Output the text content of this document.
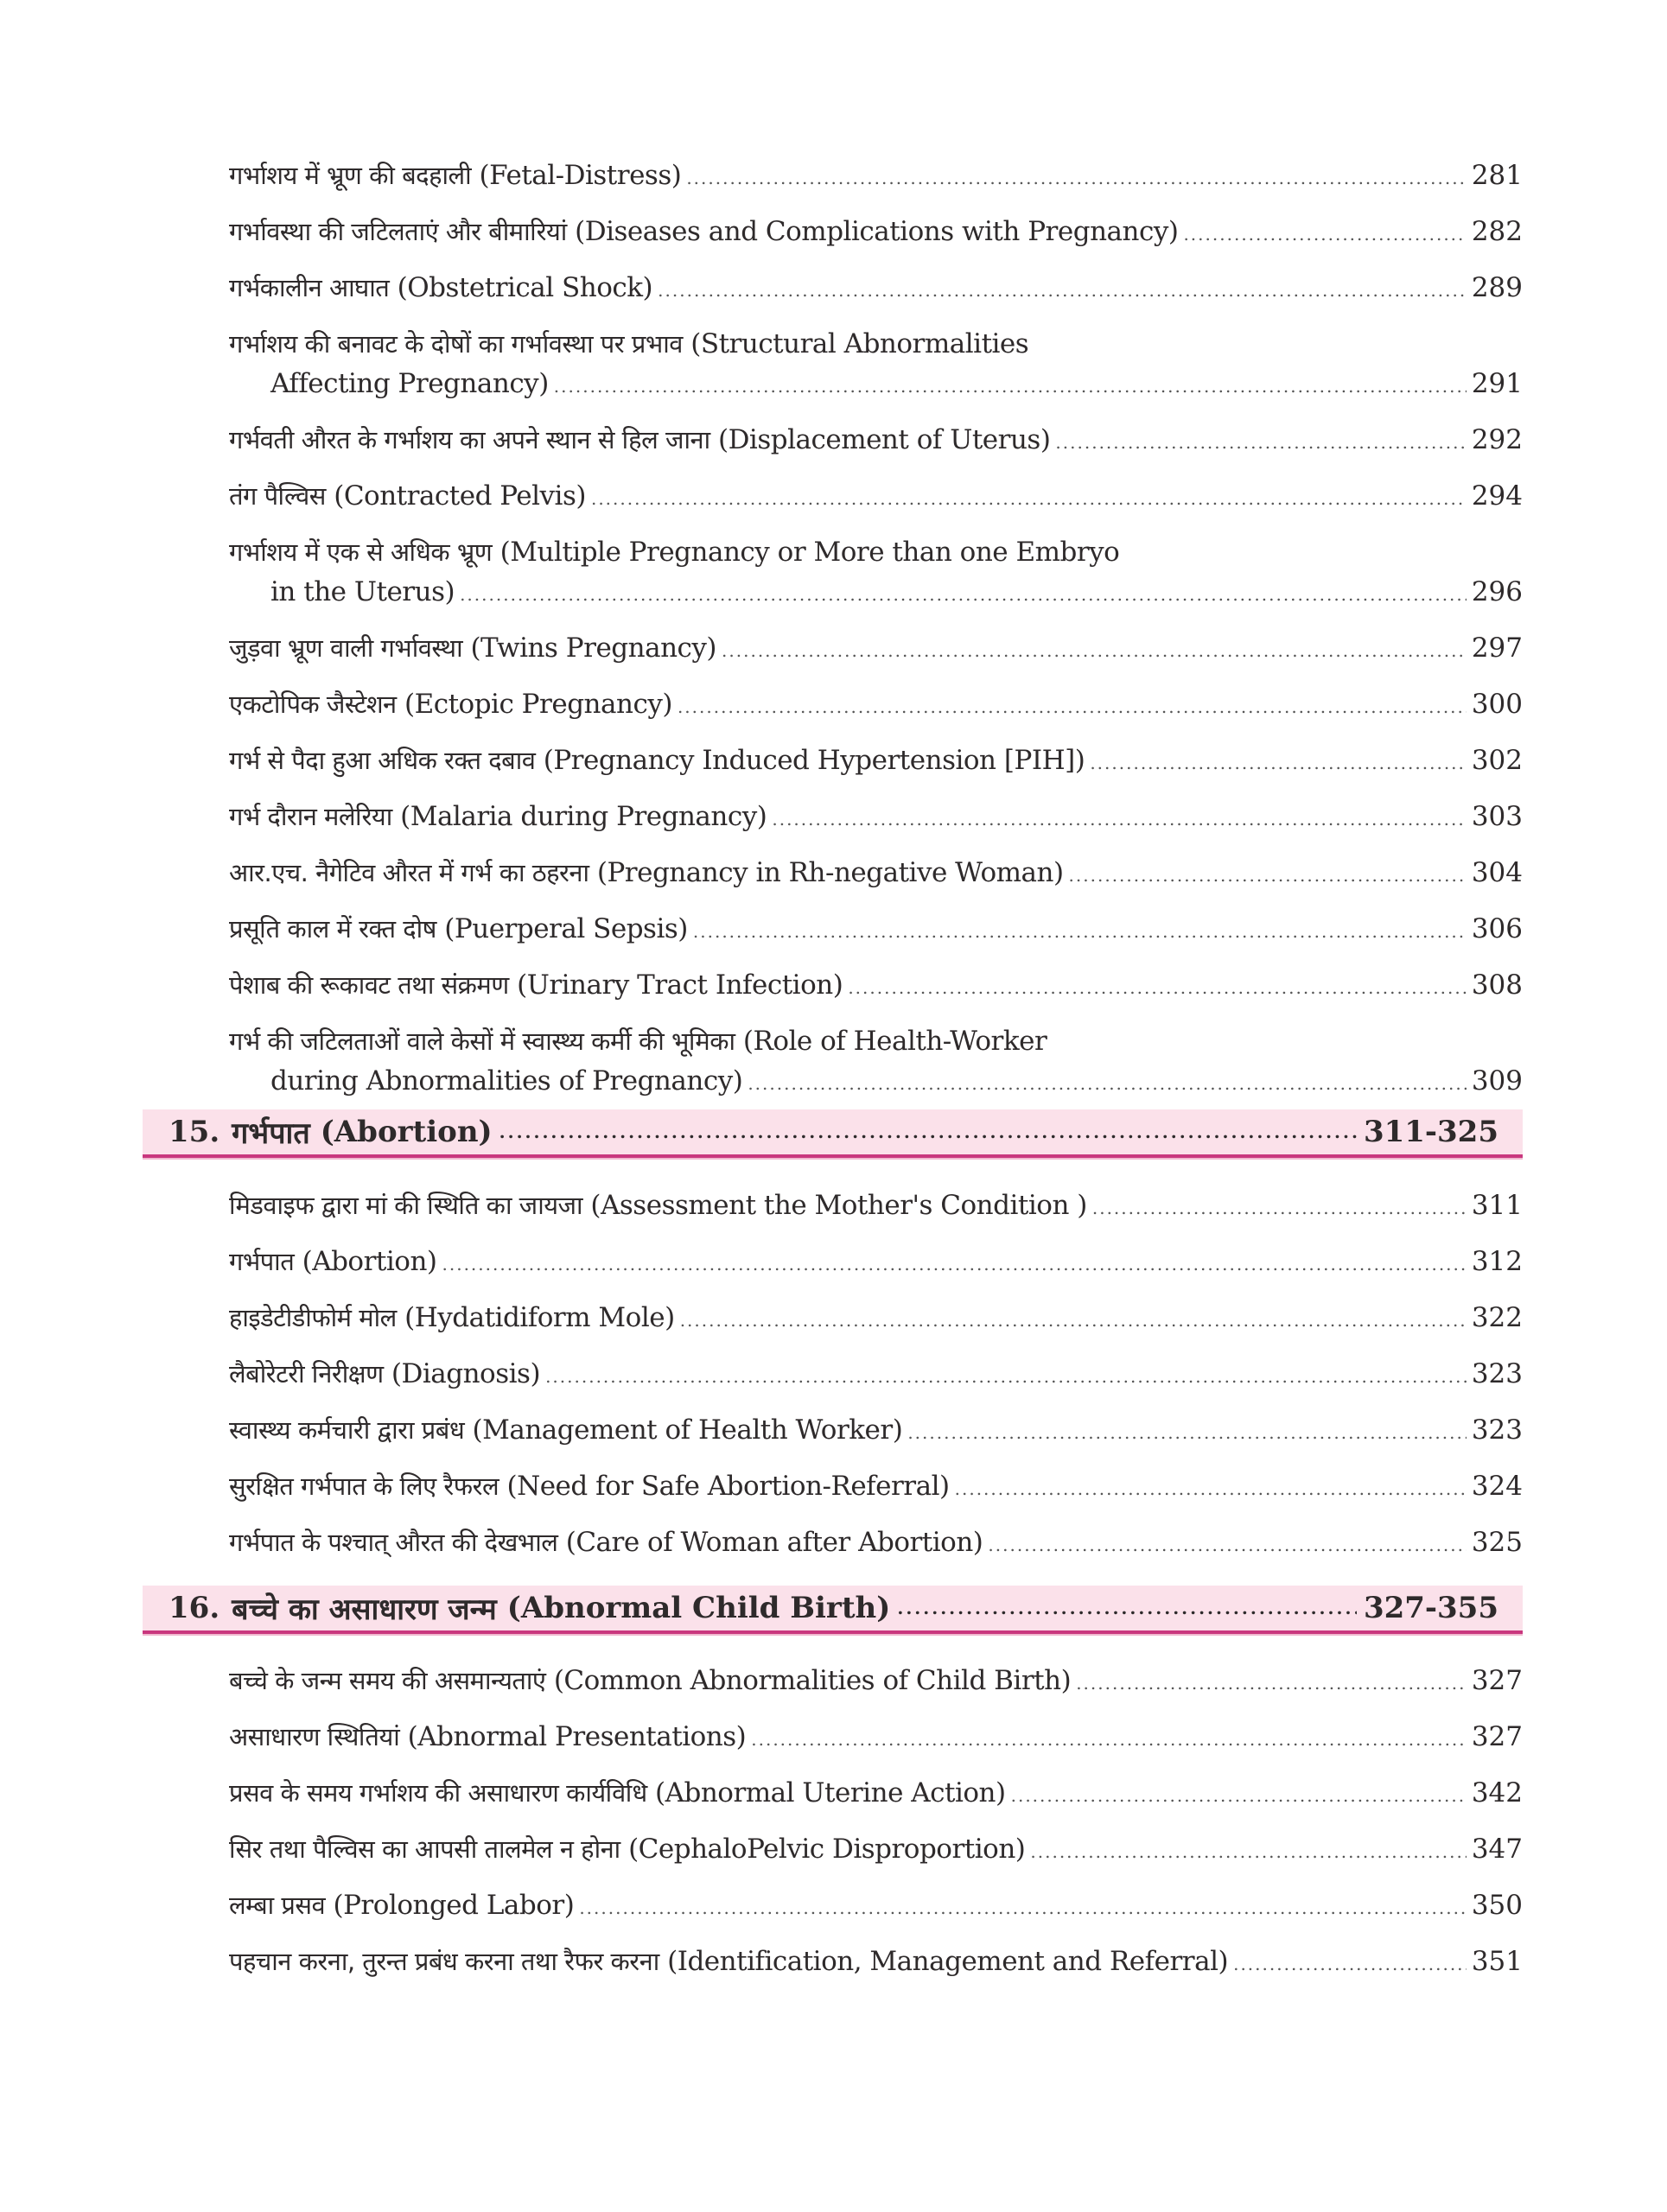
गर्भाशय में भ्रूण की बदहाली (Fetal-Distress) .....	281
गर्भावस्था की जटिलताएं और बीमारियां (Diseases and Complications with Pregnancy) .....	282
गर्भकालीन आघात (Obstetrical Shock) .....	289
गर्भाशय की बनावट के दोषों का गर्भावस्था पर प्रभाव (Structural Abnormalities
Affecting Pregnancy) .....	291
गर्भवती औरत के गर्भाशय का अपने स्थान से हिल जाना (Displacement of Uterus) .....	292
तंग पैल्विस (Contracted Pelvis) .....	294
गर्भाशय में एक से अधिक भ्रूण (Multiple Pregnancy or More than one Embryo
in the Uterus) .....	296
जुड़वा भ्रूण वाली गर्भावस्था (Twins Pregnancy) .....	297
एकटोपिक जैस्टेशन (Ectopic Pregnancy) .....	300
गर्भ से पैदा हुआ अधिक रक्त दबाव (Pregnancy Induced Hypertension [PIH]) .....	302
गर्भ दौरान मलेरिया (Malaria during Pregnancy) .....	303
आर.एच. नैगेटिव औरत में गर्भ का ठहरना (Pregnancy in Rh-negative Woman) .....	304
प्रसूति काल में रक्त दोष (Puerperal Sepsis) .....	306
पेशाब की रूकावट तथा संक्रमण (Urinary Tract Infection) .....	308
गर्भ की जटिलताओं वाले केसों में स्वास्थ्य कर्मी की भूमिका (Role of Health-Worker
during Abnormalities of Pregnancy) .....	309
15. गर्भपात (Abortion) .....	311-325
मिडवाइफ द्वारा मां की स्थिति का जायजा (Assessment the Mother's Condition ) .....	311
गर्भपात (Abortion) .....	312
हाइडेटीडीफोर्म मोल (Hydatidiform Mole) .....	322
लैबोरेटरी निरीक्षण (Diagnosis) .....	323
स्वास्थ्य कर्मचारी द्वारा प्रबंध (Management of Health Worker) .....	323
सुरक्षित गर्भपात के लिए रैफरल (Need for Safe Abortion-Referral) .....	324
गर्भपात के पश्चात् औरत की देखभाल (Care of Woman after Abortion) .....	325
16. बच्चे का असाधारण जन्म (Abnormal Child Birth) .....	327-355
बच्चे के जन्म समय की असमान्यताएं (Common Abnormalities of Child Birth) .....	327
असाधारण स्थितियां (Abnormal Presentations) .....	327
प्रसव के समय गर्भाशय की असाधारण कार्यविधि (Abnormal Uterine Action) .....	342
सिर तथा पैल्विस का आपसी तालमेल न होना (CephaloPelvic Disproportion) .....	347
लम्बा प्रसव (Prolonged Labor) .....	350
पहचान करना, तुरन्त प्रबंध करना तथा रैफर करना (Identification, Management and Referral) .....	351
